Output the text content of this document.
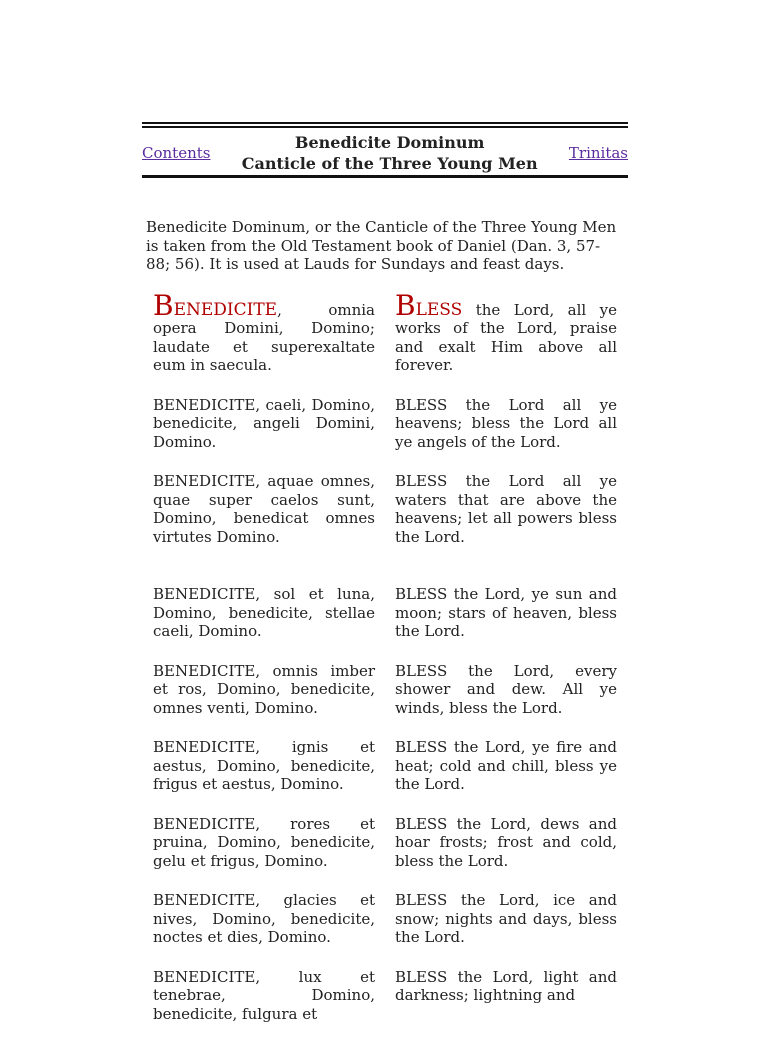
Contents
Benedicite Dominum
Canticle of the Three Young Men
Trinitas

Benedicite Dominum, or the Canticle of the Three Young Men is taken from the Old Testament book of Daniel (Dan. 3, 57-88; 56). It is used at Lauds for Sundays and feast days.

BENEDICITE, omnia opera Domini, Domino; laudate et superexaltate eum in saecula.
BLESS the Lord, all ye works of the Lord, praise and exalt Him above all forever.
BENEDICITE, caeli, Domino, benedicite, angeli Domini, Domino.
BLESS the Lord all ye heavens; bless the Lord all ye angels of the Lord.
BENEDICITE, aquae omnes, quae super caelos sunt, Domino, benedicat omnes virtutes Domino.
BLESS the Lord all ye waters that are above the heavens; let all powers bless the Lord.
BENEDICITE, sol et luna, Domino, benedicite, stellae caeli, Domino.
BLESS the Lord, ye sun and moon; stars of heaven, bless the Lord.
BENEDICITE, omnis imber et ros, Domino, benedicite, omnes venti, Domino.
BLESS the Lord, every shower and dew. All ye winds, bless the Lord.
BENEDICITE, ignis et aestus, Domino, benedicite, frigus et aestus, Domino.
BLESS the Lord, ye fire and heat; cold and chill, bless ye the Lord.
BENEDICITE, rores et pruina, Domino, benedicite, gelu et frigus, Domino.
BLESS the Lord, dews and hoar frosts; frost and cold, bless the Lord.
BENEDICITE, glacies et nives, Domino, benedicite, noctes et dies, Domino.
BLESS the Lord, ice and snow; nights and days, bless the Lord.
BENEDICITE, lux et tenebrae, Domino, benedicite, fulgura et
BLESS the Lord, light and darkness; lightning and
